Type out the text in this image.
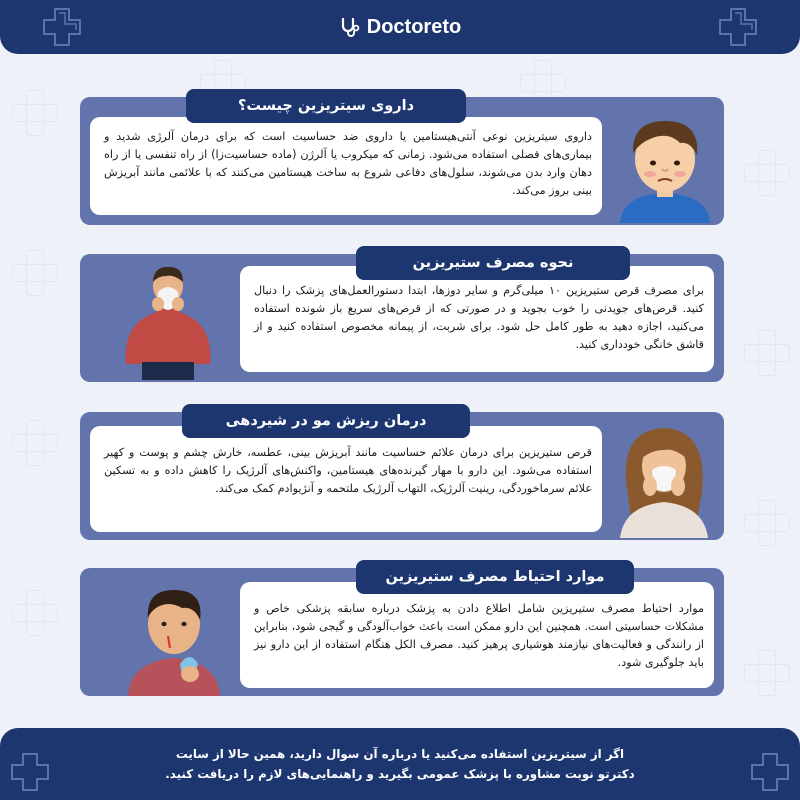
Doctoreto
داروی سیتریزین نوعی آنتی‌هیستامین یا داروی ضد حساسیت است که برای درمان آلرژی شدید و بیماری‌های فصلی استفاده می‌شود. زمانی که میکروب یا آلرژن (ماده حساسیت‌زا) از راه تنفسی یا از راه دهان وارد بدن می‌شوند، سلول‌های دفاعی شروع به ساخت هیستامین می‌کنند که با علائمی مانند آبریزش بینی بروز می‌کند.
داروی سیتریزین چیست؟
برای مصرف قرص ستیریزین ۱۰ میلی‌گرم و سایر دوزها، ابتدا دستورالعمل‌های پزشک را دنبال کنید. قرص‌های جویدنی را خوب بجوید و در صورتی که از قرص‌های سریع باز شونده استفاده می‌کنید، اجازه دهید به طور کامل حل شود. برای شربت، از پیمانه مخصوص استفاده کنید و از قاشق خانگی خودداری کنید.
نحوه مصرف ستیریزین
قرص ستیریزین برای درمان علائم حساسیت مانند آبریزش بینی، عطسه، خارش چشم و پوست و کهیر استفاده می‌شود. این دارو با مهار گیرنده‌های هیستامین، واکنش‌های آلرژیک را کاهش داده و به تسکین علائم سرماخوردگی، رینیت آلرژیک، التهاب آلرژیک ملتحمه و آنژیوادم کمک می‌کند.
درمان ریزش مو در شیردهی
موارد احتیاط مصرف ستیریزین شامل اطلاع دادن به پزشک درباره سابقه پزشکی خاص و مشکلات حساسیتی است. همچنین این دارو ممکن است باعث خواب‌آلودگی و گیجی شود، بنابراین از رانندگی و فعالیت‌های نیازمند هوشیاری پرهیز کنید. مصرف الکل هنگام استفاده از این دارو نیز باید جلوگیری شود.
موارد احتیاط مصرف ستیریزین
اگر از سیتریزین استفاده می‌کنید یا درباره آن سوال دارید، همین حالا از سایت
دکترتو نوبت مشاوره با پزشک عمومی بگیرید و راهنمایی‌های لازم را دریافت کنید.
